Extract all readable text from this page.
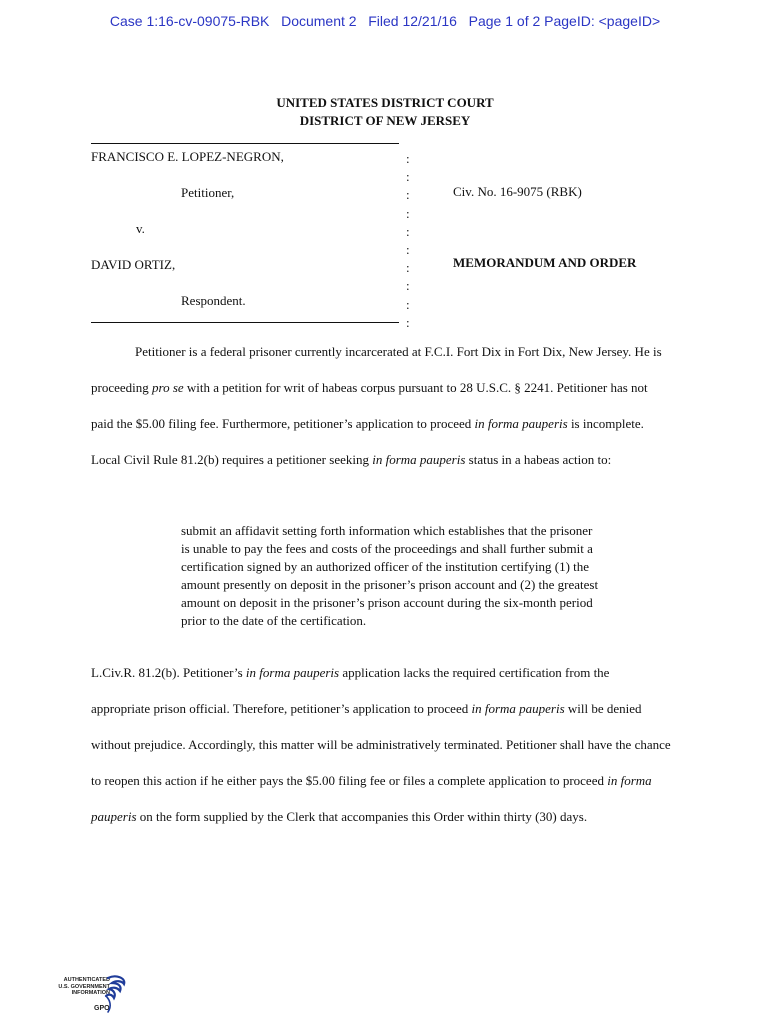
Case 1:16-cv-09075-RBK Document 2 Filed 12/21/16 Page 1 of 2 PageID: <pageID>
UNITED STATES DISTRICT COURT
DISTRICT OF NEW JERSEY
FRANCISCO E. LOPEZ-NEGRON,
Petitioner,
v.
DAVID ORTIZ,
Respondent.
:
:
:
:
:
:
:
:
:
:
Civ. No. 16-9075 (RBK)
MEMORANDUM AND ORDER

Petitioner is a federal prisoner currently incarcerated at F.C.I. Fort Dix in Fort Dix, New Jersey. He is proceeding pro se with a petition for writ of habeas corpus pursuant to 28 U.S.C. § 2241. Petitioner has not paid the $5.00 filing fee. Furthermore, petitioner’s application to proceed in forma pauperis is incomplete. Local Civil Rule 81.2(b) requires a petitioner seeking in forma pauperis status in a habeas action to:

submit an affidavit setting forth information which establishes that the prisoner is unable to pay the fees and costs of the proceedings and shall further submit a certification signed by an authorized officer of the institution certifying (1) the amount presently on deposit in the prisoner’s prison account and (2) the greatest amount on deposit in the prisoner’s prison account during the six-month period prior to the date of the certification.

L.Civ.R. 81.2(b). Petitioner’s in forma pauperis application lacks the required certification from the appropriate prison official. Therefore, petitioner’s application to proceed in forma pauperis will be denied without prejudice. Accordingly, this matter will be administratively terminated. Petitioner shall have the chance to reopen this action if he either pays the $5.00 filing fee or files a complete application to proceed in forma pauperis on the form supplied by the Clerk that accompanies this Order within thirty (30) days.

AUTHENTICATED
U.S. GOVERNMENT
INFORMATION
GPO
